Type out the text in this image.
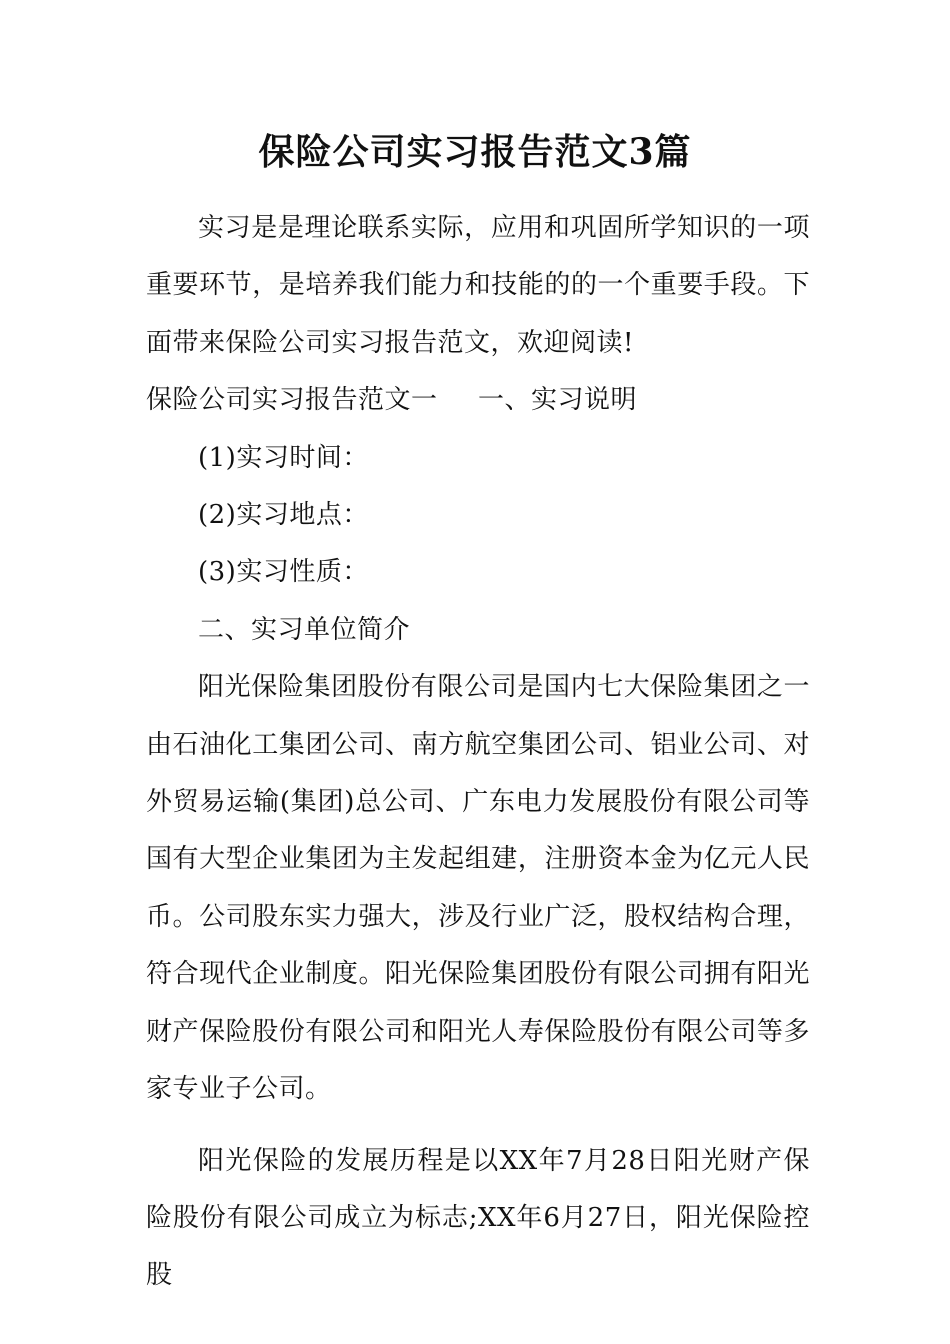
保险公司实习报告范文3篇

实习是是理论联系实际，应用和巩固所学知识的一项重要环节，是培养我们能力和技能的的一个重要手段。下面带来保险公司实习报告范文，欢迎阅读!

保险公司实习报告范文一	一、实习说明

(1)实习时间：

(2)实习地点：

(3)实习性质：

二、实习单位简介

阳光保险集团股份有限公司是国内七大保险集团之一由石油化工集团公司、南方航空集团公司、铝业公司、对外贸易运输(集团)总公司、广东电力发展股份有限公司等国有大型企业集团为主发起组建，注册资本金为亿元人民币。公司股东实力强大，涉及行业广泛，股权结构合理，符合现代企业制度。阳光保险集团股份有限公司拥有阳光财产保险股份有限公司和阳光人寿保险股份有限公司等多家专业子公司。

阳光保险的发展历程是以XX年7月28日阳光财产保险股份有限公司成立为标志;XX年6月27日，阳光保险控股
